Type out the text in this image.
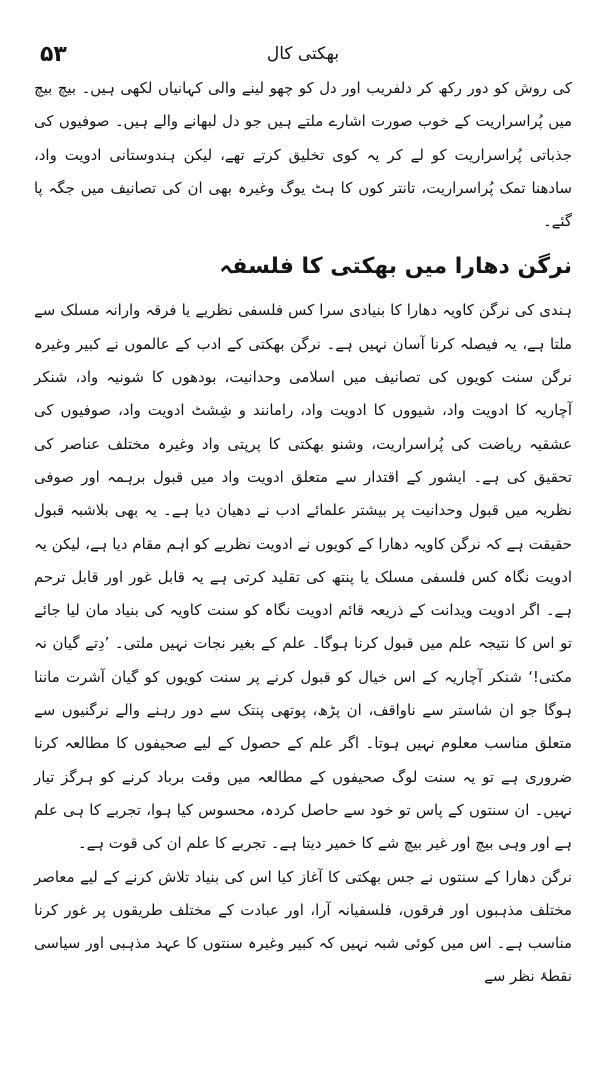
۵۳	بھکتی کال

کی روش کو دور رکھ کر دلفریب اور دل کو چھو لینے والی کہانیاں لکھی ہیں۔ بیچ بیچ میں پُراسراریت کے خوب صورت اشارے ملتے ہیں جو دل لبھانے والے ہیں۔ صوفیوں کی جذباتی پُراسراریت کو لے کر یہ کوی تخلیق کرتے تھے، لیکن ہندوستانی ادویت واد، سادھنا تمک پُراسراریت، تانتر کوں کا ہٹ یوگ وغیرہ بھی ان کی تصانیف میں جگہ پا گئے۔

نرگن دھارا میں بھکتی کا فلسفہ

ہندی کی نرگن کاویہ دھارا کا بنیادی سرا کس فلسفی نظریے یا فرقہ وارانہ مسلک سے ملتا ہے، یہ فیصلہ کرنا آسان نہیں ہے۔ نرگن بھکتی کے ادب کے عالموں نے کبیر وغیرہ نرگن سنت کویوں کی تصانیف میں اسلامی وحدانیت، بودھوں کا شونیہ واد، شنکر آچاریہ کا ادویت واد، شیووں کا ادویت واد، رامانند و شِشٹ ادویت واد، صوفیوں کی عشقیہ ریاضت کی پُراسراریت، وشنو بھکتی کا پرپتی واد وغیرہ مختلف عناصر کی تحقیق کی ہے۔ ایشور کے اقتدار سے متعلق ادویت واد میں قبول برہمہ اور صوفی نظریہ میں قبول وحدانیت پر بیشتر علمائے ادب نے دھیان دیا ہے۔ یہ بھی بلاشبہ قبول حقیقت ہے کہ نرگن کاویہ دھارا کے کویوں نے ادویت نظریے کو اہم مقام دیا ہے، لیکن یہ ادویت نگاہ کس فلسفی مسلک یا پنتھ کی تقلید کرتی ہے یہ قابل غور اور قابل ترحم ہے۔ اگر ادویت ویدانت کے ذریعہ قائم ادویت نگاہ کو سنت کاویہ کی بنیاد مان لیا جائے تو اس کا نتیجہ علم میں قبول کرنا ہوگا۔ علم کے بغیر نجات نہیں ملتی۔ ’دِتے گیان نہ مکتی!‘ شنکر آچاریہ کے اس خیال کو قبول کرنے پر سنت کویوں کو گیان آشرت ماننا ہوگا جو ان شاستر سے ناواقف، ان پڑھ، پوتھی پنتک سے دور رہنے والے نرگنیوں سے متعلق مناسب معلوم نہیں ہوتا۔ اگر علم کے حصول کے لیے صحیفوں کا مطالعہ کرنا ضروری ہے تو یہ سنت لوگ صحیفوں کے مطالعہ میں وقت برباد کرنے کو ہرگز تیار نہیں۔ ان سنتوں کے پاس تو خود سے حاصل کردہ، محسوس کیا ہوا، تجربے کا ہی علم ہے اور وہی بیچ اور غیر بیچ شے کا خمیر دیتا ہے۔ تجربے کا علم ان کی قوت ہے۔

نرگن دھارا کے سنتوں نے جس بھکتی کا آغاز کیا اس کی بنیاد تلاش کرنے کے لیے معاصر مختلف مذہبوں اور فرقوں، فلسفیانہ آرا، اور عبادت کے مختلف طریقوں پر غور کرنا مناسب ہے۔ اس میں کوئی شبہ نہیں کہ کبیر وغیرہ سنتوں کا عہد مذہبی اور سیاسی نقطۂ نظر سے
